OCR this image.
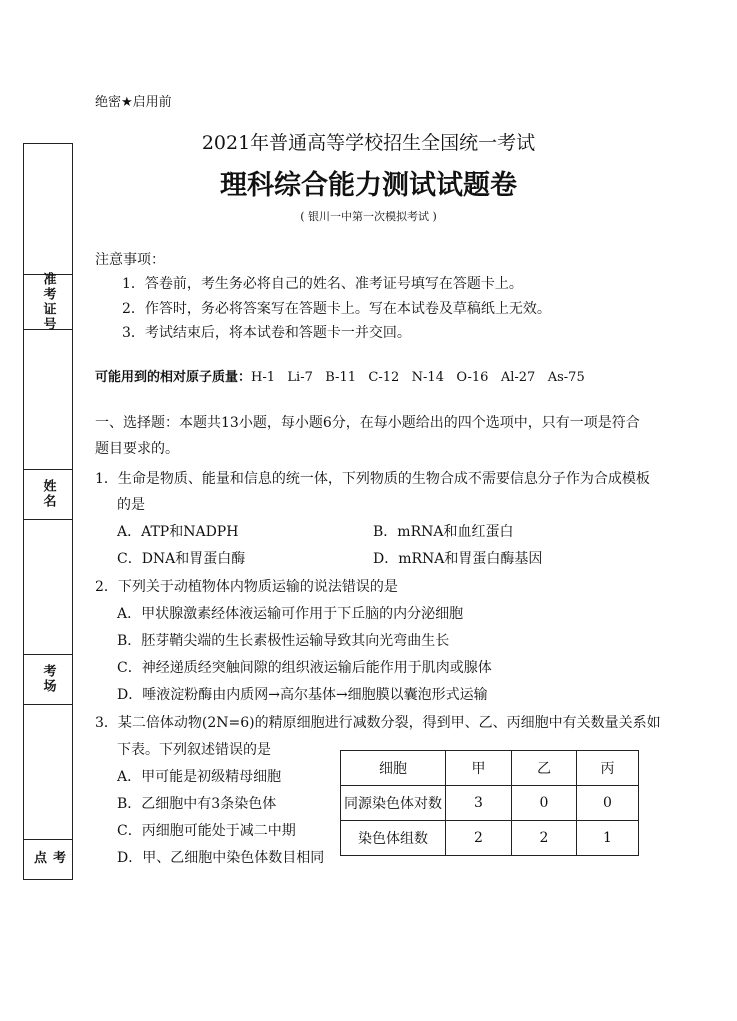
绝密★启用前
2021年普通高等学校招生全国统一考试
理科综合能力测试试题卷
( 银川一中第一次模拟考试 )
准考证号
姓名
考场
考点
注意事项：
1．答卷前，考生务必将自己的姓名、准考证号填写在答题卡上。
2．作答时，务必将答案写在答题卡上。写在本试卷及草稿纸上无效。
3．考试结束后，将本试卷和答题卡一并交回。
可能用到的相对原子质量：H-1   Li-7   B-11   C-12   N-14   O-16   Al-27   As-75
一、选择题：本题共13小题，每小题6分，在每小题给出的四个选项中，只有一项是符合
题目要求的。
1．生命是物质、能量和信息的统一体，下列物质的生物合成不需要信息分子作为合成模板
的是
A．ATP和NADPH	B．mRNA和血红蛋白
C．DNA和胃蛋白酶	D．mRNA和胃蛋白酶基因
2．下列关于动植物体内物质运输的说法错误的是
A．甲状腺激素经体液运输可作用于下丘脑的内分泌细胞
B．胚芽鞘尖端的生长素极性运输导致其向光弯曲生长
C．神经递质经突触间隙的组织液运输后能作用于肌肉或腺体
D．唾液淀粉酶由内质网→高尔基体→细胞膜以囊泡形式运输
3．某二倍体动物(2N=6)的精原细胞进行减数分裂，得到甲、乙、丙细胞中有关数量关系如
下表。下列叙述错误的是
A．甲可能是初级精母细胞
B．乙细胞中有3条染色体
C．丙细胞可能处于减二中期
D．甲、乙细胞中染色体数目相同
细胞	甲	乙	丙
同源染色体对数	3	0	0
染色体组数	2	2	1
